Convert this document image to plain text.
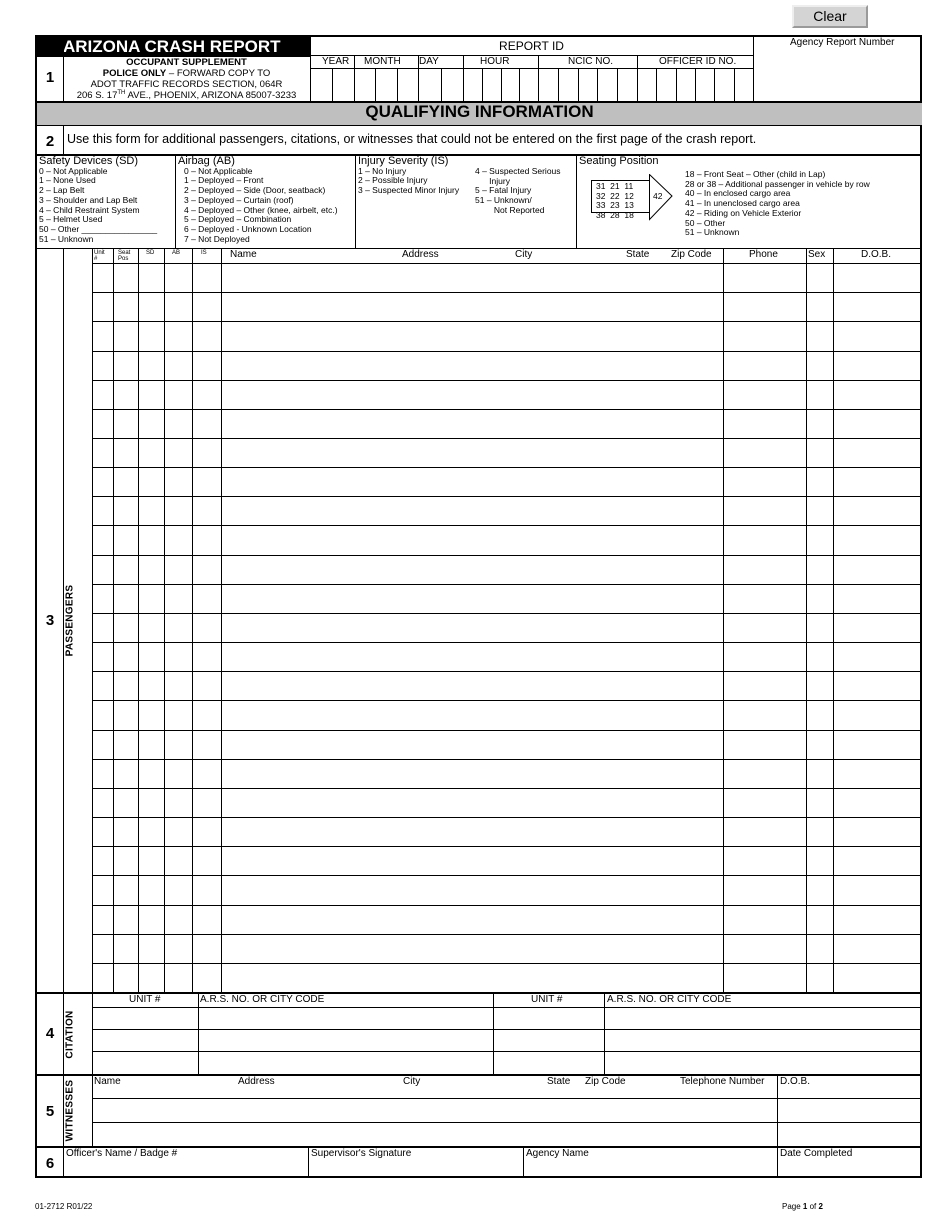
Clear
ARIZONA CRASH REPORT
OCCUPANT SUPPLEMENT
POLICE ONLY – FORWARD COPY TO
ADOT TRAFFIC RECORDS SECTION, 064R
206 S. 17TH AVE., PHOENIX, ARIZONA 85007-3233
1
REPORT ID	Agency Report Number
YEAR MONTH DAY	HOUR	NCIC NO.	OFFICER ID NO.
QUALIFYING INFORMATION
2	Use this form for additional passengers, citations, or witnesses that could not be entered on the first page of the crash report.
Safety Devices (SD)
0 – Not Applicable
1 – None Used
2 – Lap Belt
3 – Shoulder and Lap Belt
4 – Child Restraint System
5 – Helmet Used
50 – Other ________________
51 – Unknown
Airbag (AB)
0 – Not Applicable
1 – Deployed – Front
2 – Deployed – Side (Door, seatback)
3 – Deployed – Curtain (roof)
4 – Deployed – Other (knee, airbelt, etc.)
5 – Deployed – Combination
6 – Deployed - Unknown Location
7 – Not Deployed
Injury Severity (IS)
1 – No Injury
2 – Possible Injury
3 – Suspected Minor Injury
4 – Suspected Serious
Injury
5 – Fatal Injury
51 – Unknown/
Not Reported
Seating Position
31  21  11
32  22  12
33  23  13
38  28  18
42
18 – Front Seat – Other (child in Lap)
28 or 38 – Additional passenger in vehicle by row
40 – In enclosed cargo area
41 – In unenclosed cargo area
42 – Riding on Vehicle Exterior
50 – Other
51 – Unknown
3	PASSENGERS
Unit
#
Seat
Pos
SD	AB	IS Name	Address	City	State Zip Code	Phone	Sex	D.O.B.
4	CITATION
UNIT #	A.R.S. NO. OR CITY CODE	UNIT #	A.R.S. NO. OR CITY CODE
5	WITNESSES Name	Address	City	State Zip Code	Telephone Number D.O.B.
6
Officer's Name / Badge #	Supervisor's Signature	Agency Name	Date Completed
01-2712 R01/22	Page 1 of 2
